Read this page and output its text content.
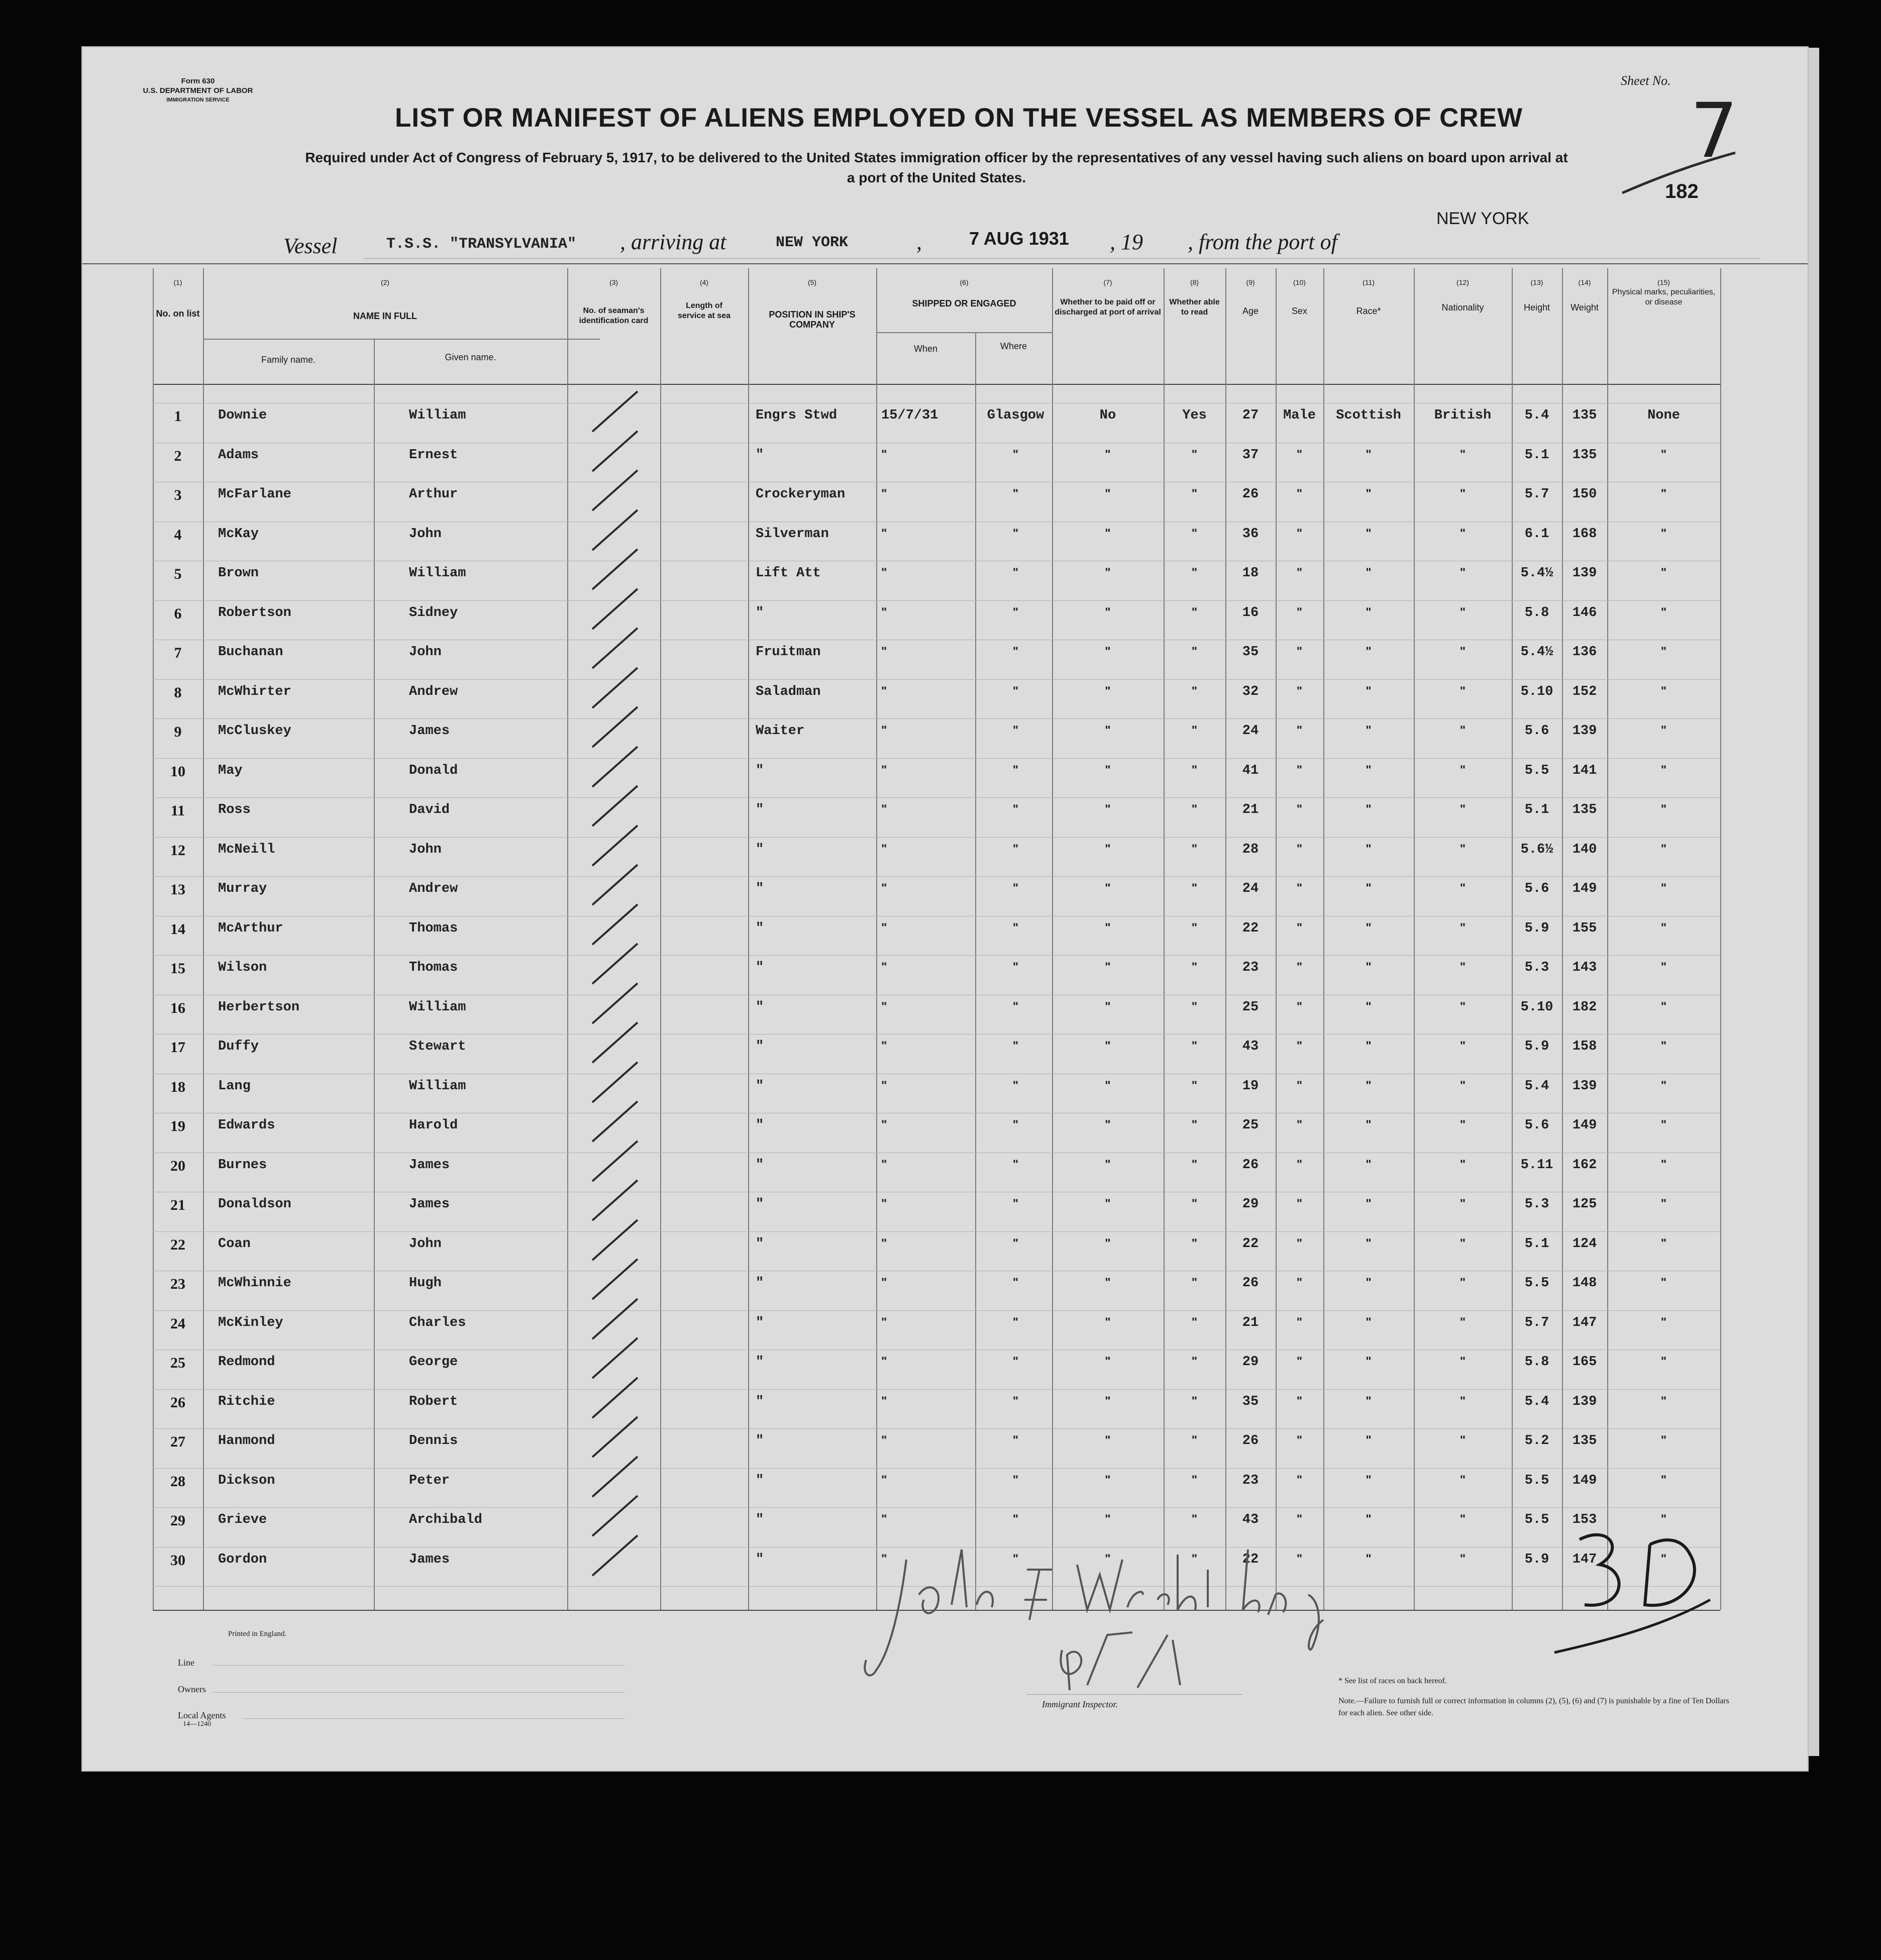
Form 630
U.S. DEPARTMENT OF LABOR
IMMIGRATION SERVICE
LIST OR MANIFEST OF ALIENS EMPLOYED ON THE VESSEL AS MEMBERS OF CREW
Required under Act of Congress of February 5, 1917, to be delivered to the United States immigration officer by the representatives of any vessel having such aliens on board upon arrival at a port of the United States.
Sheet No.
7
182
Vessel	T.S.S. "TRANSYLVANIA" , arriving at	NEW YORK	,	7 AUG 1931 , 19 , from the port of
NEW YORK
(1)	(2)	(3)	(4)	(5)	(6)	(7)	(8)	(9)	(10)	(11)	(12)	(13)	(14)	(15)
No. on list	NAME IN FULL
Family name.	Given name.
No. of seaman's identification card
Length of service at sea	POSITION IN SHIP'S COMPANY
SHIPPED OR ENGAGED
When	Where
Whether to be paid off or discharged at port of arrival
Whether able to read	Age	Sex	Race*	Nationality	Height	Weight
Physical marks, peculiarities, or disease
1	Downie	William	Engrs Stwd	15/7/31	Glasgow	No	Yes	27	Male	Scottish	British	5.4	135	None
2	Adams	Ernest	"	"	"	"	"	37	"	"	"	5.1	135	"
3	McFarlane	Arthur	Crockeryman	"	"	"	"	26	"	"	"	5.7	150	"
4	McKay	John	Silverman	"	"	"	"	36	"	"	"	6.1	168	"
5	Brown	William	Lift Att	"	"	"	"	18	"	"	"	5.4½	139	"
6	Robertson	Sidney	"	"	"	"	"	16	"	"	"	5.8	146	"
7	Buchanan	John	Fruitman	"	"	"	"	35	"	"	"	5.4½	136	"
8	McWhirter	Andrew	Saladman	"	"	"	"	32	"	"	"	5.10	152	"
9	McCluskey	James	Waiter	"	"	"	"	24	"	"	"	5.6	139	"
10	May	Donald	"	"	"	"	"	41	"	"	"	5.5	141	"
11	Ross	David	"	"	"	"	"	21	"	"	"	5.1	135	"
12	McNeill	John	"	"	"	"	"	28	"	"	"	5.6½	140	"
13	Murray	Andrew	"	"	"	"	"	24	"	"	"	5.6	149	"
14	McArthur	Thomas	"	"	"	"	"	22	"	"	"	5.9	155	"
15	Wilson	Thomas	"	"	"	"	"	23	"	"	"	5.3	143	"
16	Herbertson	William	"	"	"	"	"	25	"	"	"	5.10	182	"
17	Duffy	Stewart	"	"	"	"	"	43	"	"	"	5.9	158	"
18	Lang	William	"	"	"	"	"	19	"	"	"	5.4	139	"
19	Edwards	Harold	"	"	"	"	"	25	"	"	"	5.6	149	"
20	Burnes	James	"	"	"	"	"	26	"	"	"	5.11	162	"
21	Donaldson	James	"	"	"	"	"	29	"	"	"	5.3	125	"
22	Coan	John	"	"	"	"	"	22	"	"	"	5.1	124	"
23	McWhinnie	Hugh	"	"	"	"	"	26	"	"	"	5.5	148	"
24	McKinley	Charles	"	"	"	"	"	21	"	"	"	5.7	147	"
25	Redmond	George	"	"	"	"	"	29	"	"	"	5.8	165	"
26	Ritchie	Robert	"	"	"	"	"	35	"	"	"	5.4	139	"
27	Hanmond	Dennis	"	"	"	"	"	26	"	"	"	5.2	135	"
28	Dickson	Peter	"	"	"	"	"	23	"	"	"	5.5	149	"
29	Grieve	Archibald	"	"	"	"	"	43	"	"	"	5.5	153	"
30	Gordon	James	"	"	"	"	"	22	"	"	"	5.9	147	"
Printed in England.
Line
Owners
Local Agents
14—1240
Immigrant Inspector.
* See list of races on back hereof.
Note.—Failure to furnish full or correct information in columns (2), (5), (6) and (7) is punishable by a fine of Ten Dollars for each alien. See other side.
